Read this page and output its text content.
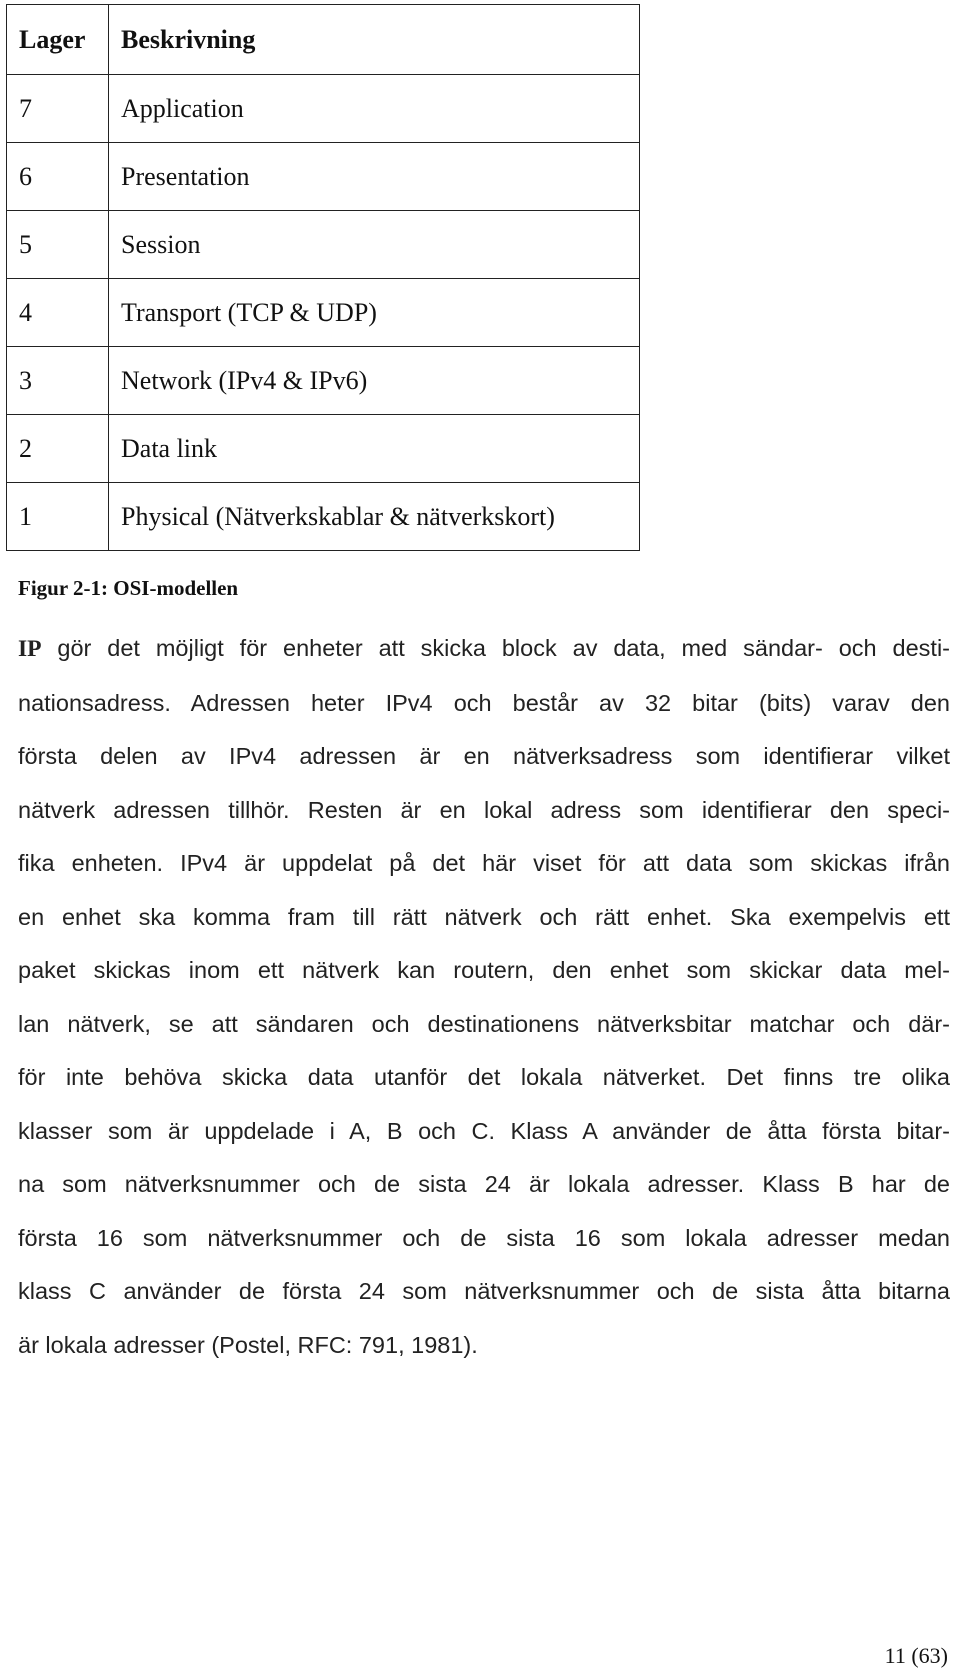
Lager	Beskrivning
7	Application
6	Presentation
5	Session
4	Transport (TCP & UDP)
3	Network (IPv4 & IPv6)
2	Data link
1	Physical (Nätverkskablar & nätverkskort)

Figur 2-1: OSI-modellen

IP gör det möjligt för enheter att skicka block av data, med sändar- och desti-
nationsadress. Adressen heter IPv4 och består av 32 bitar (bits) varav den
första delen av IPv4 adressen är en nätverksadress som identifierar vilket
nätverk adressen tillhör. Resten är en lokal adress som identifierar den speci-
fika enheten. IPv4 är uppdelat på det här viset för att data som skickas ifrån
en enhet ska komma fram till rätt nätverk och rätt enhet. Ska exempelvis ett
paket skickas inom ett nätverk kan routern, den enhet som skickar data mel-
lan nätverk, se att sändaren och destinationens nätverksbitar matchar och där-
för inte behöva skicka data utanför det lokala nätverket. Det finns tre olika
klasser som är uppdelade i A, B och C. Klass A använder de åtta första bitar-
na som nätverksnummer och de sista 24 är lokala adresser. Klass B har de
första 16 som nätverksnummer och de sista 16 som lokala adresser medan
klass C använder de första 24 som nätverksnummer och de sista åtta bitarna
är lokala adresser (Postel, RFC: 791, 1981).

11 (63)
